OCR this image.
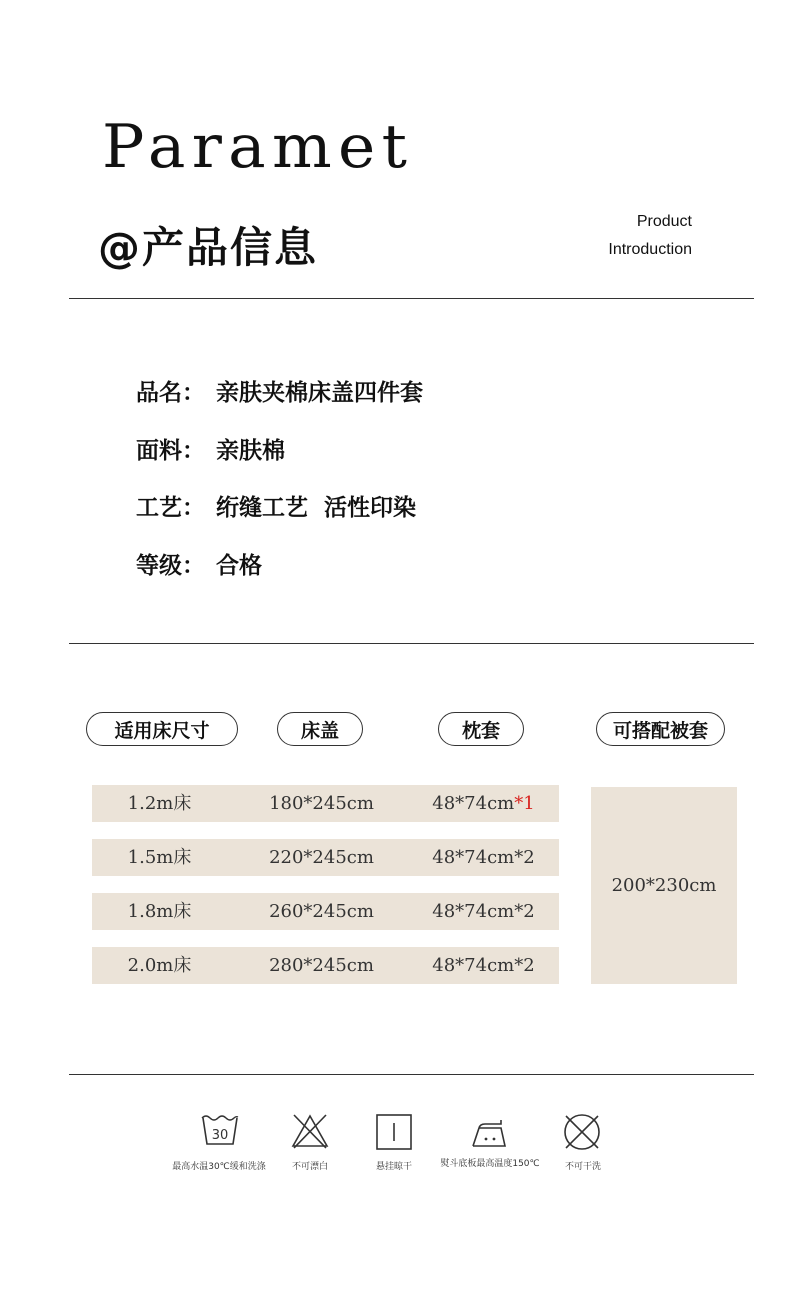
Paramet
@产品信息
Product
Introduction
品名： 亲肤夹棉床盖四件套
面料： 亲肤棉
工艺： 绗缝工艺  活性印染
等级： 合格
适用床尺寸	床盖	枕套	可搭配被套
1.2m床	180*245cm	48*74cm*1
1.5m床	220*245cm	48*74cm*2
1.8m床	260*245cm	48*74cm*2
2.0m床	280*245cm	48*74cm*2
200*230cm
30
最高水温30℃缓和洗涤	不可漂白	悬挂晾干	熨斗底板最高温度150℃	不可干洗
